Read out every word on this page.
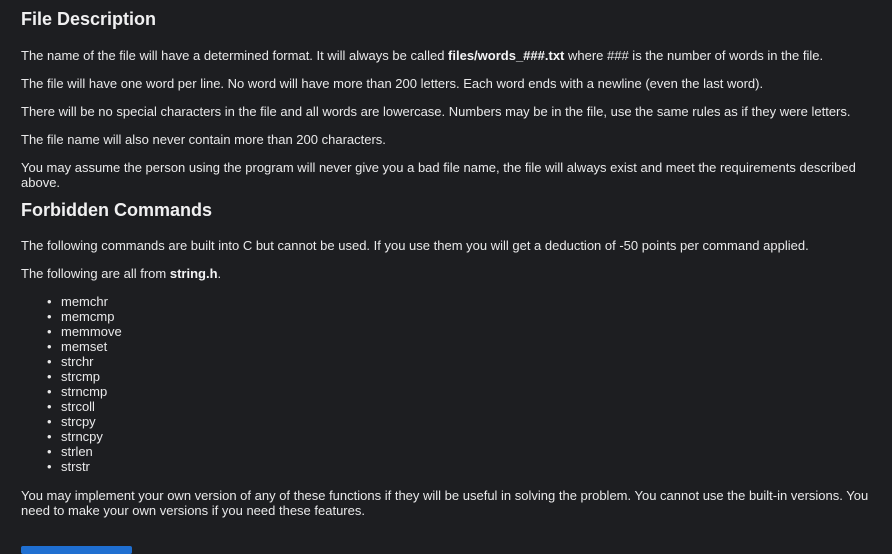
File Description

The name of the file will have a determined format. It will always be called files/words_###.txt where ### is the number of words in the file.

The file will have one word per line. No word will have more than 200 letters. Each word ends with a newline (even the last word).

There will be no special characters in the file and all words are lowercase. Numbers may be in the file, use the same rules as if they were letters.

The file name will also never contain more than 200 characters.

You may assume the person using the program will never give you a bad file name, the file will always exist and meet the requirements described above.

Forbidden Commands

The following commands are built into C but cannot be used. If you use them you will get a deduction of -50 points per command applied.

The following are all from string.h.

• memchr
• memcmp
• memmove
• memset
• strchr
• strcmp
• strncmp
• strcoll
• strcpy
• strncpy
• strlen
• strstr

You may implement your own version of any of these functions if they will be useful in solving the problem. You cannot use the built-in versions. You need to make your own versions if you need these features.
